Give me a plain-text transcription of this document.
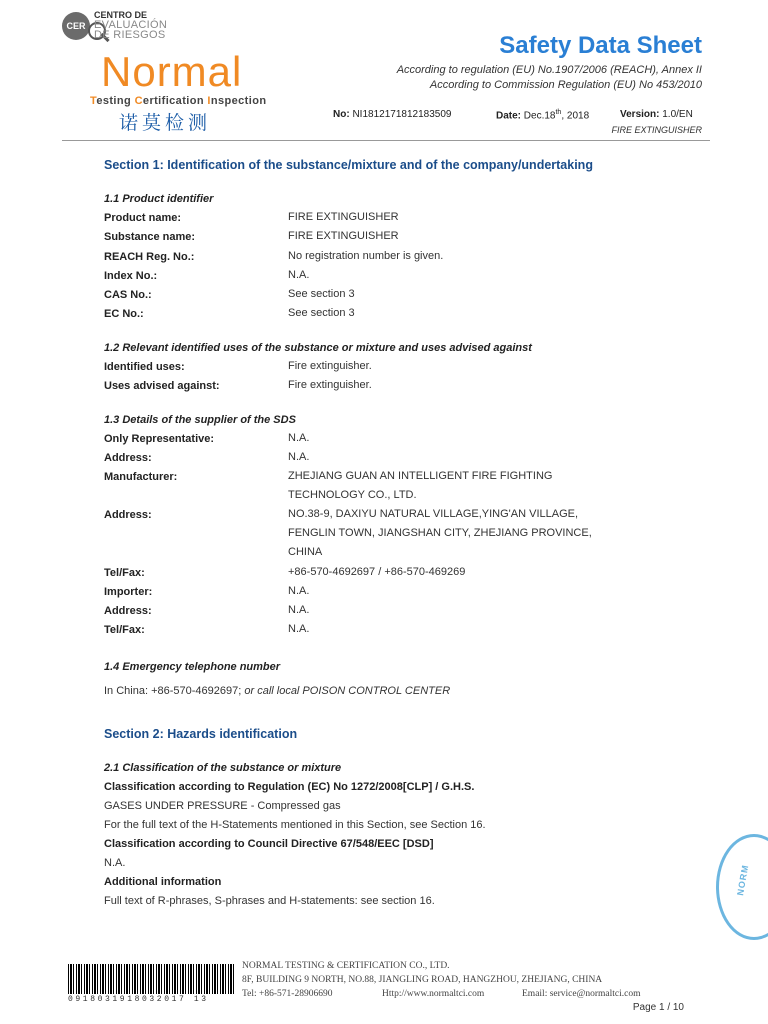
CER
CENTRO DE
EVALUACIÓN
DE RIESGOS
Normal
Testing Certification Inspection
诺莫检测
Safety Data Sheet
According to regulation (EU) No.1907/2006 (REACH), Annex II
According to Commission Regulation (EU) No 453/2010
No: NI1812171812183509	Date: Dec.18th, 2018	Version: 1.0/EN
FIRE EXTINGUISHER
Section 1: Identification of the substance/mixture and of the company/undertaking
1.1 Product identifier
Product name:	FIRE EXTINGUISHER
Substance name:	FIRE EXTINGUISHER
REACH Reg. No.:	No registration number is given.
Index No.:	N.A.
CAS No.:	See section 3
EC No.:	See section 3
1.2 Relevant identified uses of the substance or mixture and uses advised against
Identified uses:	Fire extinguisher.
Uses advised against:	Fire extinguisher.
1.3 Details of the supplier of the SDS
Only Representative:	N.A.
Address:	N.A.
Manufacturer:	ZHEJIANG GUAN AN INTELLIGENT FIRE FIGHTING
TECHNOLOGY CO., LTD.
Address:	NO.38-9, DAXIYU NATURAL VILLAGE,YING'AN VILLAGE,
FENGLIN TOWN, JIANGSHAN CITY, ZHEJIANG PROVINCE,
CHINA
Tel/Fax:	+86-570-4692697 / +86-570-469269
Importer:	N.A.
Address:	N.A.
Tel/Fax:	N.A.
1.4 Emergency telephone number
In China: +86-570-4692697; or call local POISON CONTROL CENTER
Section 2: Hazards identification
2.1 Classification of the substance or mixture
Classification according to Regulation (EC) No 1272/2008[CLP] / G.H.S.
GASES UNDER PRESSURE - Compressed gas
For the full text of the H-Statements mentioned in this Section, see Section 16.
Classification according to Council Directive 67/548/EEC [DSD]
N.A.
Additional information
Full text of R-phrases, S-phrases and H-statements: see section 16.
NORM
0918031918032017 13
NORMAL TESTING & CERTIFICATION CO., LTD.
8F, BUILDING 9 NORTH, NO.88, JIANGLING ROAD, HANGZHOU, ZHEJIANG, CHINA
Tel: +86-571-28906690	Http://www.normaltci.com	Email: service@normaltci.com
Page 1 / 10
